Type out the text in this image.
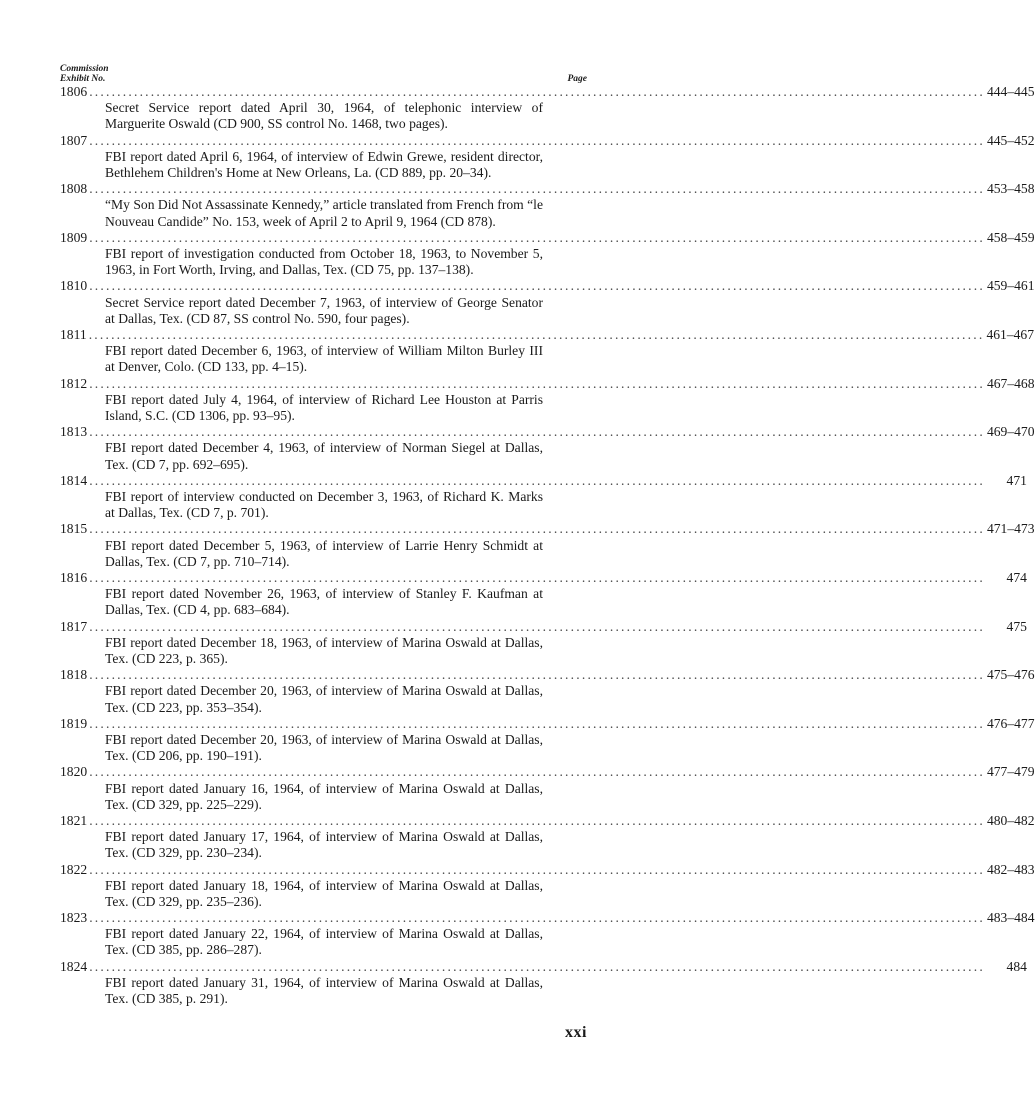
Commission
Exhibit No.	Page
1806 ................................................................................................................................................................ 444–445
Secret Service report dated April 30, 1964, of telephonic interview of Marguerite Oswald (CD 900, SS control No. 1468, two pages).
1807 ................................................................................................................................................................ 445–452
FBI report dated April 6, 1964, of interview of Edwin Grewe, resident director, Bethlehem Children's Home at New Orleans, La. (CD 889, pp. 20–34).
1808 ................................................................................................................................................................ 453–458
“My Son Did Not Assassinate Kennedy,” article translated from French from “le Nouveau Candide” No. 153, week of April 2 to April 9, 1964 (CD 878).
1809 ................................................................................................................................................................ 458–459
FBI report of investigation conducted from October 18, 1963, to November 5, 1963, in Fort Worth, Irving, and Dallas, Tex. (CD 75, pp. 137–138).
1810 ................................................................................................................................................................ 459–461
Secret Service report dated December 7, 1963, of interview of George Senator at Dallas, Tex. (CD 87, SS control No. 590, four pages).
1811 ................................................................................................................................................................ 461–467
FBI report dated December 6, 1963, of interview of William Milton Burley III at Denver, Colo. (CD 133, pp. 4–15).
1812 ................................................................................................................................................................ 467–468
FBI report dated July 4, 1964, of interview of Richard Lee Houston at Parris Island, S.C. (CD 1306, pp. 93–95).
1813 ................................................................................................................................................................ 469–470
FBI report dated December 4, 1963, of interview of Norman Siegel at Dallas, Tex. (CD 7, pp. 692–695).
1814 ................................................................................................................................................................	471
FBI report of interview conducted on December 3, 1963, of Richard K. Marks at Dallas, Tex. (CD 7, p. 701).
1815 ................................................................................................................................................................ 471–473
FBI report dated December 5, 1963, of interview of Larrie Henry Schmidt at Dallas, Tex. (CD 7, pp. 710–714).
1816 ................................................................................................................................................................	474
FBI report dated November 26, 1963, of interview of Stanley F. Kaufman at Dallas, Tex. (CD 4, pp. 683–684).
1817 ................................................................................................................................................................	475
FBI report dated December 18, 1963, of interview of Marina Oswald at Dallas, Tex. (CD 223, p. 365).
1818 ................................................................................................................................................................ 475–476
FBI report dated December 20, 1963, of interview of Marina Oswald at Dallas, Tex. (CD 223, pp. 353–354).
1819 ................................................................................................................................................................ 476–477
FBI report dated December 20, 1963, of interview of Marina Oswald at Dallas, Tex. (CD 206, pp. 190–191).
1820 ................................................................................................................................................................ 477–479
FBI report dated January 16, 1964, of interview of Marina Oswald at Dallas, Tex. (CD 329, pp. 225–229).
1821 ................................................................................................................................................................ 480–482
FBI report dated January 17, 1964, of interview of Marina Oswald at Dallas, Tex. (CD 329, pp. 230–234).
1822 ................................................................................................................................................................ 482–483
FBI report dated January 18, 1964, of interview of Marina Oswald at Dallas, Tex. (CD 329, pp. 235–236).
1823 ................................................................................................................................................................ 483–484
FBI report dated January 22, 1964, of interview of Marina Oswald at Dallas, Tex. (CD 385, pp. 286–287).
1824 ................................................................................................................................................................	484
FBI report dated January 31, 1964, of interview of Marina Oswald at Dallas, Tex. (CD 385, p. 291).
xxi
